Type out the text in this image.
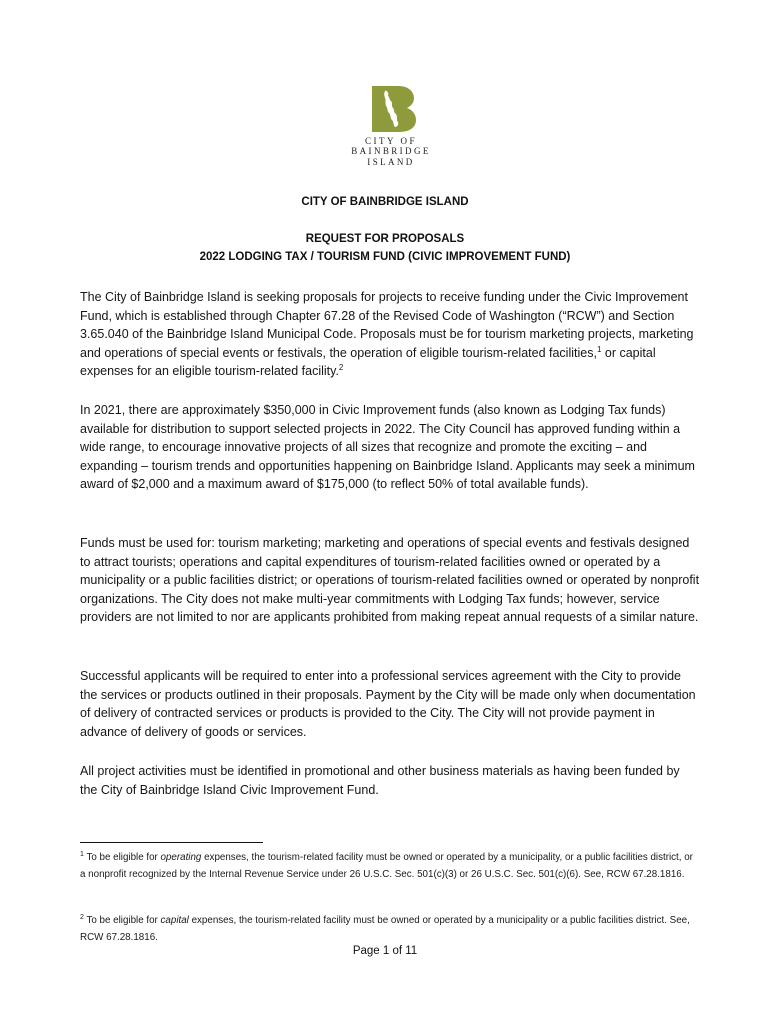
CITY OF
BAINBRIDGE ISLAND
CITY OF BAINBRIDGE ISLAND
REQUEST FOR PROPOSALS
2022 LODGING TAX / TOURISM FUND (CIVIC IMPROVEMENT FUND)
The City of Bainbridge Island is seeking proposals for projects to receive funding under the Civic Improvement Fund, which is established through Chapter 67.28 of the Revised Code of Washington (“RCW”) and Section 3.65.040 of the Bainbridge Island Municipal Code. Proposals must be for tourism marketing projects, marketing and operations of special events or festivals, the operation of eligible tourism-related facilities,$^1$ or capital expenses for an eligible tourism-related facility.$^2$
In 2021, there are approximately $350,000 in Civic Improvement funds (also known as Lodging Tax funds) available for distribution to support selected projects in 2022. The City Council has approved funding within a wide range, to encourage innovative projects of all sizes that recognize and promote the exciting – and expanding – tourism trends and opportunities happening on Bainbridge Island. Applicants may seek a minimum award of $2,000 and a maximum award of $175,000 (to reflect 50% of total available funds).
Funds must be used for: tourism marketing; marketing and operations of special events and festivals designed to attract tourists; operations and capital expenditures of tourism-related facilities owned or operated by a municipality or a public facilities district; or operations of tourism-related facilities owned or operated by nonprofit organizations. The City does not make multi-year commitments with Lodging Tax funds; however, service providers are not limited to nor are applicants prohibited from making repeat annual requests of a similar nature.
Successful applicants will be required to enter into a professional services agreement with the City to provide the services or products outlined in their proposals. Payment by the City will be made only when documentation of delivery of contracted services or products is provided to the City. The City will not provide payment in advance of delivery of goods or services.
All project activities must be identified in promotional and other business materials as having been funded by the City of Bainbridge Island Civic Improvement Fund.
$^1$ To be eligible for operating expenses, the tourism-related facility must be owned or operated by a municipality, or a public facilities district, or a nonprofit recognized by the Internal Revenue Service under 26 U.S.C. Sec. 501(c)(3) or 26 U.S.C. Sec. 501(c)(6). See, RCW 67.28.1816.
$^2$ To be eligible for capital expenses, the tourism-related facility must be owned or operated by a municipality or a public facilities district. See, RCW 67.28.1816.
Page 1 of 11
